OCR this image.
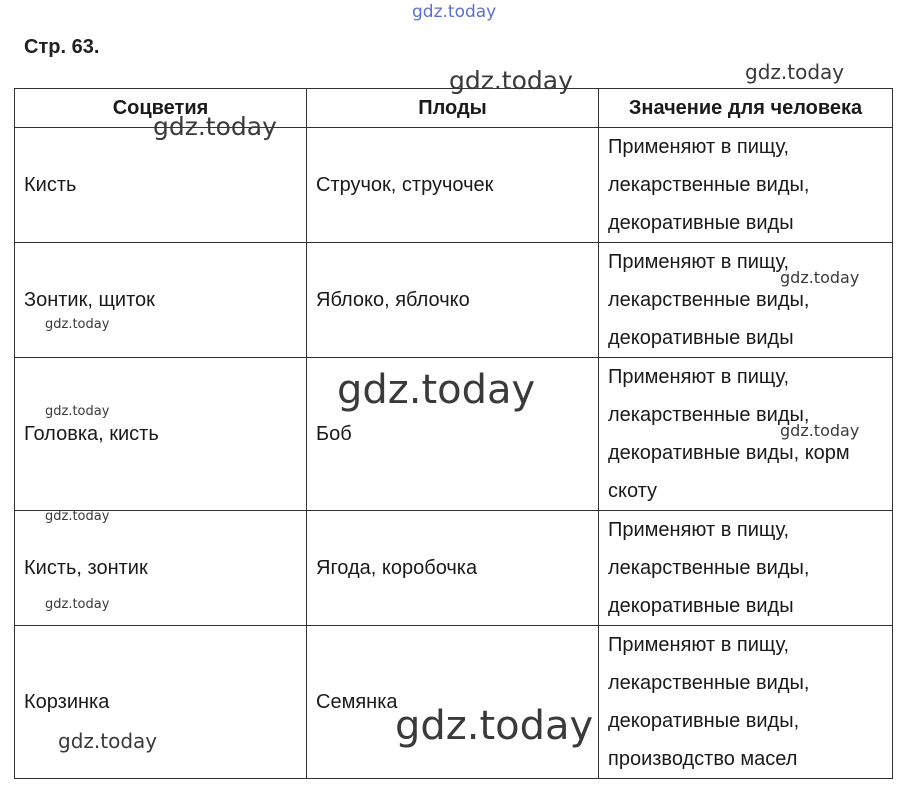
Стр. 63.
Соцветия	Плоды	Значение для человека
Кисть	Стручок, стручочек	Применяют в пищу,
лекарственные виды,
декоративные виды

Зонтик, щиток	Яблоко, яблочко	Применяют в пищу,
лекарственные виды,
декоративные виды

Головка, кисть	Боб	Применяют в пищу,
лекарственные виды,
декоративные виды, корм
скоту

Кисть, зонтик	Ягода, коробочка	Применяют в пищу,
лекарственные виды,
декоративные виды

Корзинка	Семянка	Применяют в пищу,
лекарственные виды,
декоративные виды,
производство масел
gdz.today
gdz.today	gdz.today
gdz.today
gdz.today
gdz.today
gdz.today
gdz.today
gdz.today
gdz.today
gdz.today
gdz.today
gdz.today
